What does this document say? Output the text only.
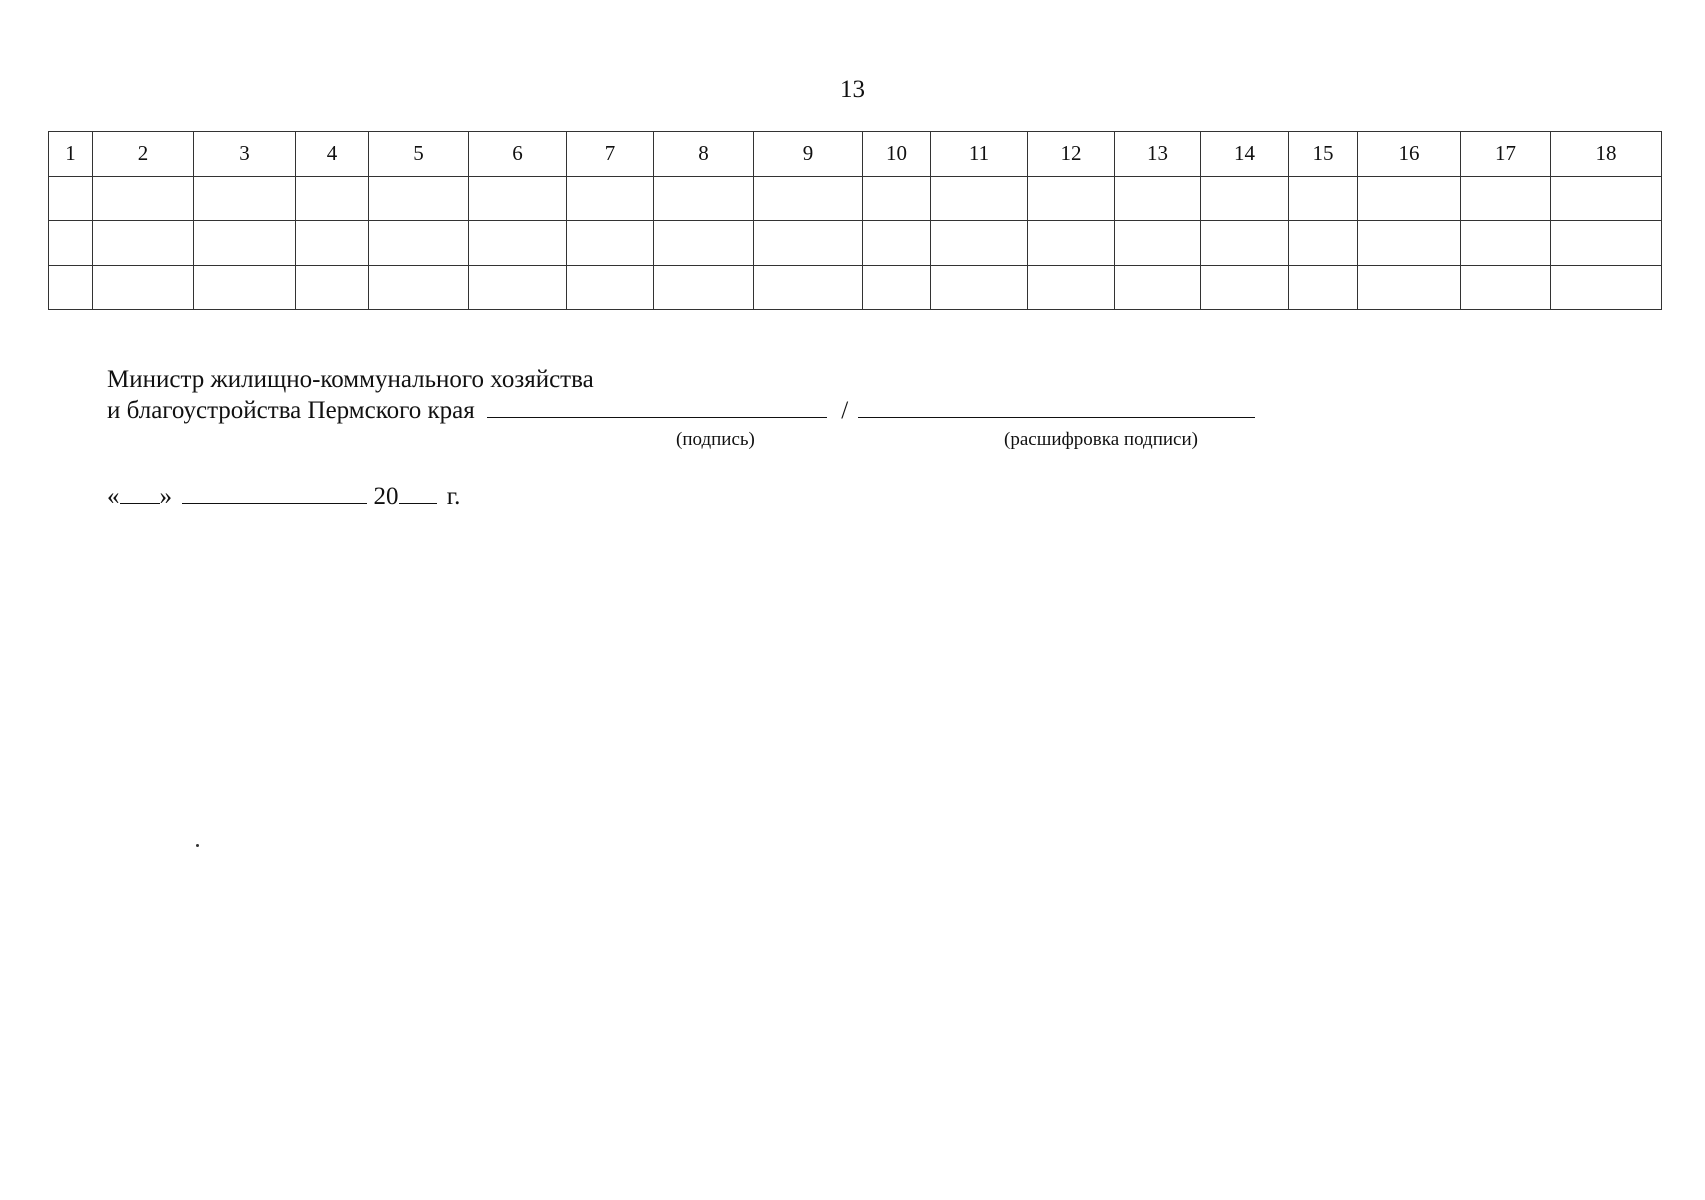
13
1	2	3	4	5	6	7	8	9	10	11	12	13	14	15	16	17	18

Министр жилищно-коммунального хозяйства
и благоустройства Пермского края	/
(подпись)	(расшифровка подписи)
« »	20 г.
